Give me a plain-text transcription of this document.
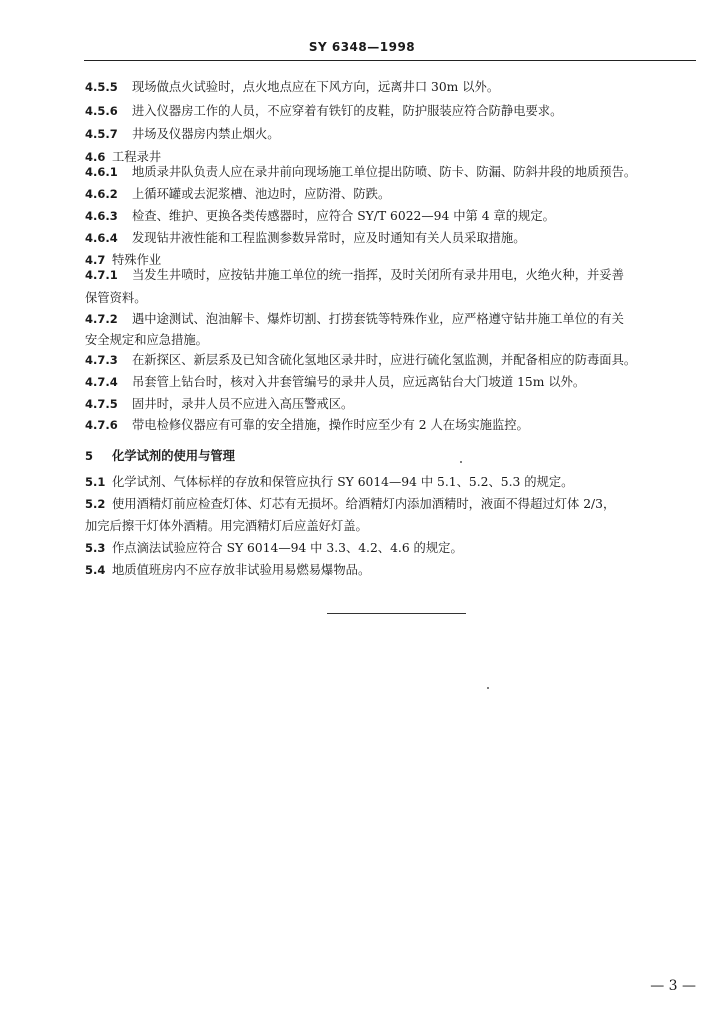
SY 6348—1998
4.5.5 现场做点火试验时，点火地点应在下风方向，远离井口 30m 以外。
4.5.6 进入仪器房工作的人员，不应穿着有铁钉的皮鞋，防护服装应符合防静电要求。
4.5.7 井场及仪器房内禁止烟火。
4.6 工程录井
4.6.1 地质录井队负责人应在录井前向现场施工单位提出防喷、防卡、防漏、防斜井段的地质预告。
4.6.2 上循环罐或去泥浆槽、池边时，应防滑、防跌。
4.6.3 检查、维护、更换各类传感器时，应符合 SY/T 6022—94 中第 4 章的规定。
4.6.4 发现钻井液性能和工程监测参数异常时，应及时通知有关人员采取措施。
4.7 特殊作业
4.7.1 当发生井喷时，应按钻井施工单位的统一指挥，及时关闭所有录井用电，火绝火种，并妥善
保管资料。
4.7.2 遇中途测试、泡油解卡、爆炸切割、打捞套铣等特殊作业，应严格遵守钻井施工单位的有关
安全规定和应急措施。
4.7.3 在新探区、新层系及已知含硫化氢地区录井时，应进行硫化氢监测，并配备相应的防毒面具。
4.7.4 吊套管上钻台时，核对入井套管编号的录井人员，应远离钻台大门坡道 15m 以外。
4.7.5 固井时，录井人员不应进入高压警戒区。
4.7.6 带电检修仪器应有可靠的安全措施，操作时应至少有 2 人在场实施监控。
5 化学试剂的使用与管理
5.1 化学试剂、气体标样的存放和保管应执行 SY 6014—94 中 5.1、5.2、5.3 的规定。
5.2 使用酒精灯前应检查灯体、灯芯有无损坏。给酒精灯内添加酒精时，液面不得超过灯体 2/3，
加完后擦干灯体外酒精。用完酒精灯后应盖好灯盖。
5.3 作点滴法试验应符合 SY 6014—94 中 3.3、4.2、4.6 的规定。
5.4 地质值班房内不应存放非试验用易燃易爆物品。
— 3 —
